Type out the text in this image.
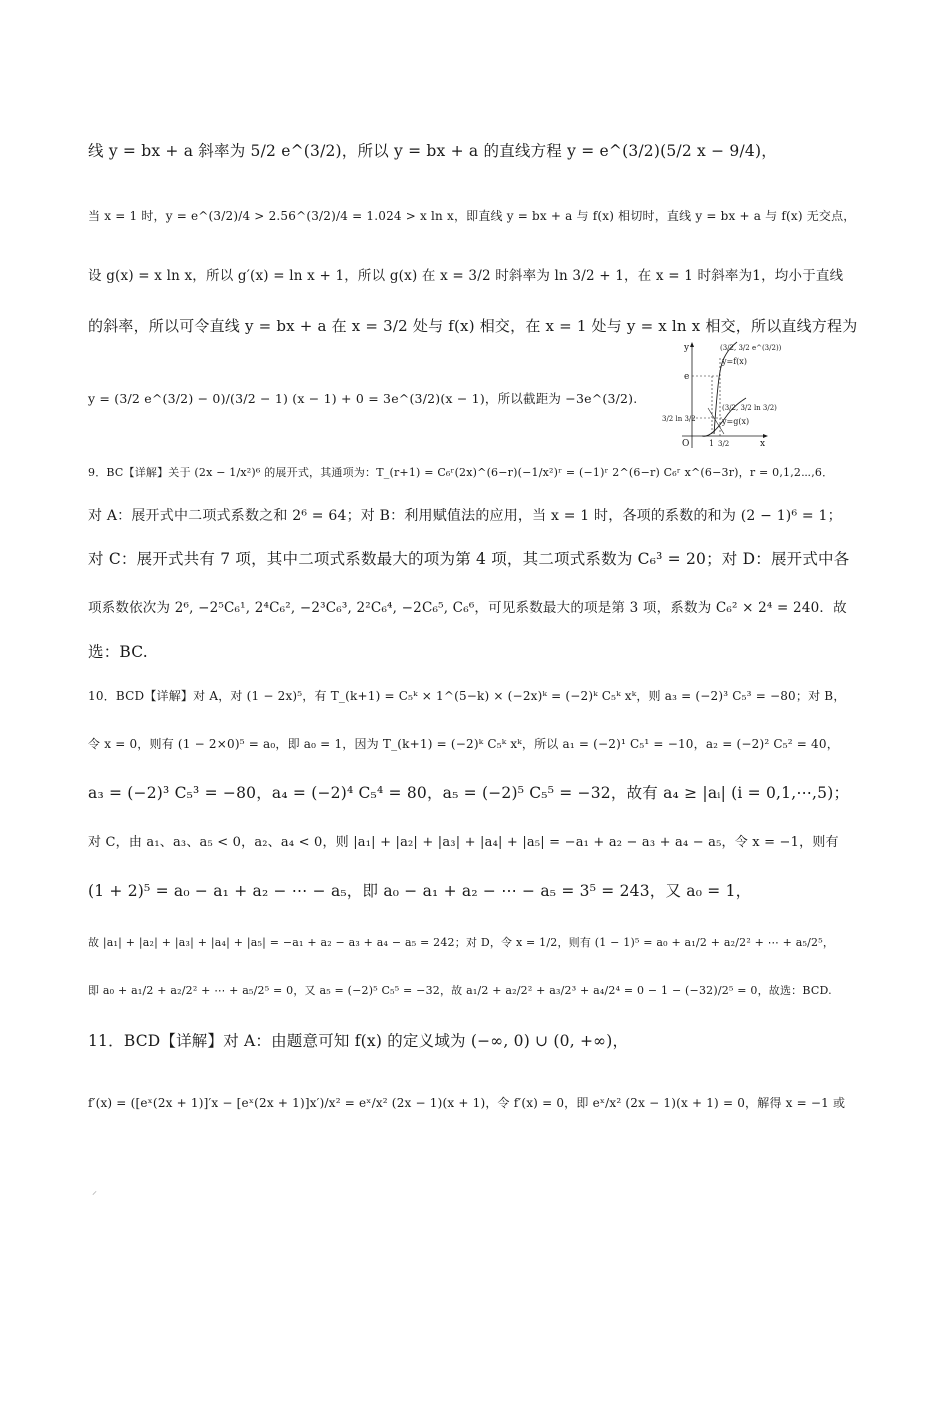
线 y = bx + a 斜率为 5/2 e^(3/2)，所以 y = bx + a 的直线方程 y = e^(3/2)(5/2 x − 9/4)，
当 x = 1 时，y = e^(3/2)/4 > 2.56^(3/2)/4 = 1.024 > x ln x，即直线 y = bx + a 与 f(x) 相切时，直线 y = bx + a 与 f(x) 无交点，
设 g(x) = x ln x，所以 g′(x) = ln x + 1，所以 g(x) 在 x = 3/2 时斜率为 ln 3/2 + 1，在 x = 1 时斜率为1，均小于直线
的斜率，所以可令直线 y = bx + a 在 x = 3/2 处与 f(x) 相交，在 x = 1 处与 y = x ln x 相交，所以直线方程为
y = (3/2 e^(3/2) − 0)/(3/2 − 1) (x − 1) + 0 = 3e^(3/2)(x − 1)，所以截距为 −3e^(3/2).
y
x
O
e
(3/2, 3/2 e^(3/2))
y=f(x)
(3/2, 3/2 ln 3/2)
y=g(x)
3/2 ln 3/2
1 3/2
9．BC【详解】关于 (2x − 1/x²)⁶ 的展开式，其通项为：T_(r+1) = C₆ʳ(2x)^(6−r)(−1/x²)ʳ = (−1)ʳ 2^(6−r) C₆ʳ x^(6−3r)，r = 0,1,2⋯,6．
对 A：展开式中二项式系数之和 2⁶ = 64；对 B：利用赋值法的应用，当 x = 1 时，各项的系数的和为 (2 − 1)⁶ = 1；
对 C：展开式共有 7 项，其中二项式系数最大的项为第 4 项，其二项式系数为 C₆³ = 20；对 D：展开式中各
项系数依次为 2⁶, −2⁵C₆¹, 2⁴C₆², −2³C₆³, 2²C₆⁴, −2C₆⁵, C₆⁶，可见系数最大的项是第 3 项，系数为 C₆² × 2⁴ = 240．故
选：BC.
10．BCD【详解】对 A，对 (1 − 2x)⁵，有 T_(k+1) = C₅ᵏ × 1^(5−k) × (−2x)ᵏ = (−2)ᵏ C₅ᵏ xᵏ，则 a₃ = (−2)³ C₅³ = −80；对 B，
令 x = 0，则有 (1 − 2×0)⁵ = a₀，即 a₀ = 1，因为 T_(k+1) = (−2)ᵏ C₅ᵏ xᵏ，所以 a₁ = (−2)¹ C₅¹ = −10，a₂ = (−2)² C₅² = 40，
a₃ = (−2)³ C₅³ = −80，a₄ = (−2)⁴ C₅⁴ = 80，a₅ = (−2)⁵ C₅⁵ = −32，故有 a₄ ≥ |aᵢ| (i = 0,1,⋯,5)；
对 C，由 a₁、a₃、a₅ < 0，a₂、a₄ < 0，则 |a₁| + |a₂| + |a₃| + |a₄| + |a₅| = −a₁ + a₂ − a₃ + a₄ − a₅，令 x = −1，则有
(1 + 2)⁵ = a₀ − a₁ + a₂ − ⋯ − a₅，即 a₀ − a₁ + a₂ − ⋯ − a₅ = 3⁵ = 243，又 a₀ = 1，
故 |a₁| + |a₂| + |a₃| + |a₄| + |a₅| = −a₁ + a₂ − a₃ + a₄ − a₅ = 242；对 D，令 x = 1/2，则有 (1 − 1)⁵ = a₀ + a₁/2 + a₂/2² + ⋯ + a₅/2⁵，
即 a₀ + a₁/2 + a₂/2² + ⋯ + a₅/2⁵ = 0，又 a₅ = (−2)⁵ C₅⁵ = −32，故 a₁/2 + a₂/2² + a₃/2³ + a₄/2⁴ = 0 − 1 − (−32)/2⁵ = 0，故选：BCD.
11．BCD【详解】对 A：由题意可知 f(x) 的定义域为 (−∞, 0) ∪ (0, +∞)，
f′(x) = ([eˣ(2x + 1)]′x − [eˣ(2x + 1)]x′)/x² = eˣ/x² (2x − 1)(x + 1)，令 f′(x) = 0，即 eˣ/x² (2x − 1)(x + 1) = 0，解得 x = −1 或
⸝
